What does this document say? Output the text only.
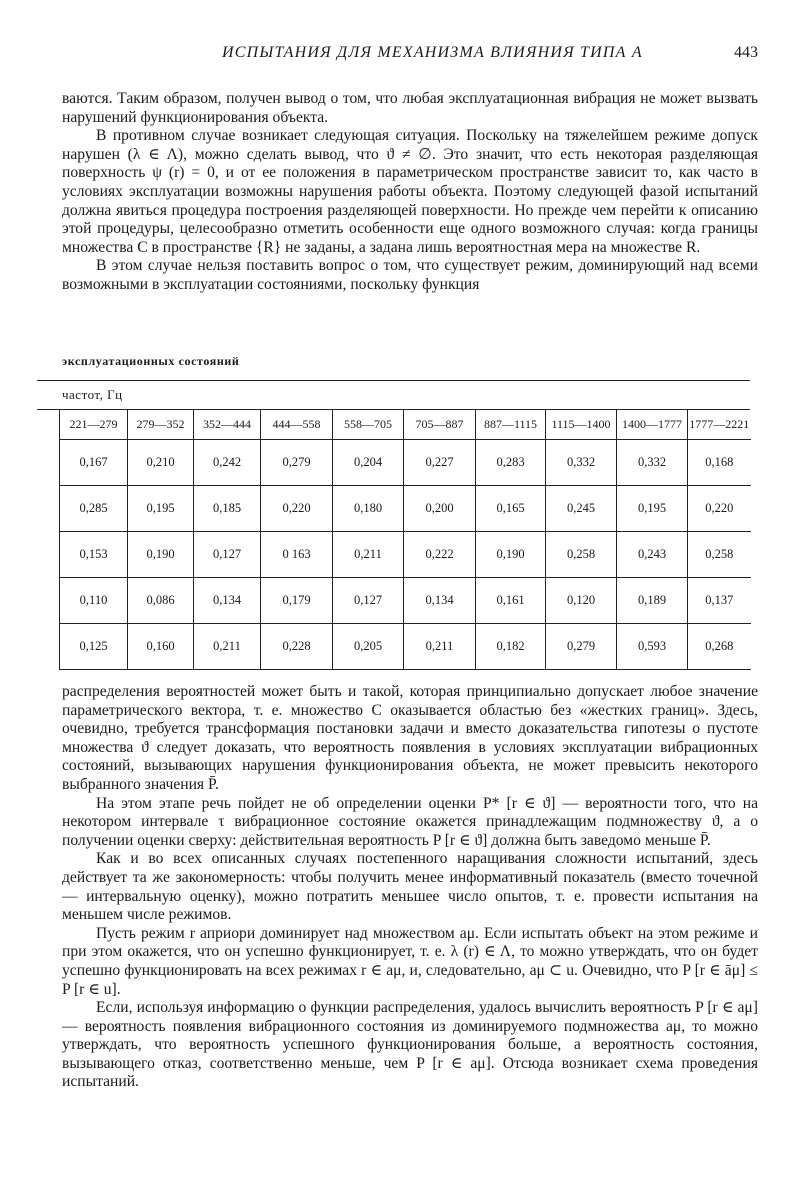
ИСПЫТАНИЯ ДЛЯ МЕХАНИЗМА ВЛИЯНИЯ ТИПА А	443

ваются. Таким образом, получен вывод о том, что любая эксплуатационная вибрация не может вызвать нарушений функционирования объекта.

В противном случае возникает следующая ситуация. Поскольку на тяжелейшем режиме допуск нарушен (λ ∈ Λ), можно сделать вывод, что ϑ ≠ ∅. Это значит, что есть некоторая разделяющая поверхность ψ (r) = 0, и от ее положения в параметрическом пространстве зависит то, как часто в условиях эксплуатации возможны нарушения работы объекта. Поэтому следующей фазой испытаний должна явиться процедура построения разделяющей поверхности. Но прежде чем перейти к описанию этой процедуры, целесообразно отметить особенности еще одного возможного случая: когда границы множества C в пространстве {R} не заданы, а задана лишь вероятностная мера на множестве R.

В этом случае нельзя поставить вопрос о том, что существует режим, доминирующий над всеми возможными в эксплуатации состояниями, поскольку функция

эксплуатационных состояний
частот, Гц
221—279	279—352	352—444	444—558	558—705	705—887	887—1115	1115—1400	1400—1777	1777—2221
0,167	0,210	0,242	0,279	0,204	0,227	0,283	0,332	0,332	0,168
0,285	0,195	0,185	0,220	0,180	0,200	0,165	0,245	0,195	0,220
0,153	0,190	0,127	0 163	0,211	0,222	0,190	0,258	0,243	0,258
0,110	0,086	0,134	0,179	0,127	0,134	0,161	0,120	0,189	0,137
0,125	0,160	0,211	0,228	0,205	0,211	0,182	0,279	0,593	0,268

распределения вероятностей может быть и такой, которая принципиально допускает любое значение параметрического вектора, т. е. множество C оказывается областью без «жестких границ». Здесь, очевидно, требуется трансформация постановки задачи и вместо доказательства гипотезы о пустоте множества ϑ следует доказать, что вероятность появления в условиях эксплуатации вибрационных состояний, вызывающих нарушения функционирования объекта, не может превысить некоторого выбранного значения P̄.

На этом этапе речь пойдет не об определении оценки P* [r ∈ ϑ] — вероятности того, что на некотором интервале τ вибрационное состояние окажется принадлежащим подмножеству ϑ, а о получении оценки сверху: действительная вероятность P [r ∈ ϑ] должна быть заведомо меньше P̄.

Как и во всех описанных случаях постепенного наращивания сложности испытаний, здесь действует та же закономерность: чтобы получить менее информативный показатель (вместо точечной — интервальную оценку), можно потратить меньшее число опытов, т. е. провести испытания на меньшем числе режимов.

Пусть режим r априори доминирует над множеством aμ. Если испытать объект на этом режиме и при этом окажется, что он успешно функционирует, т. е. λ (r) ∈ Λ, то можно утверждать, что он будет успешно функционировать на всех режимах r ∈ aμ, и, следовательно, aμ ⊂ u. Очевидно, что P [r ∈ āμ] ≤ P [r ∈ u].

Если, используя информацию о функции распределения, удалось вычислить вероятность P [r ∈ aμ] — вероятность появления вибрационного состояния из доминируемого подмножества aμ, то можно утверждать, что вероятность успешного функционирования больше, а вероятность состояния, вызывающего отказ, соответственно меньше, чем P [r ∈ aμ]. Отсюда возникает схема проведения испытаний.
